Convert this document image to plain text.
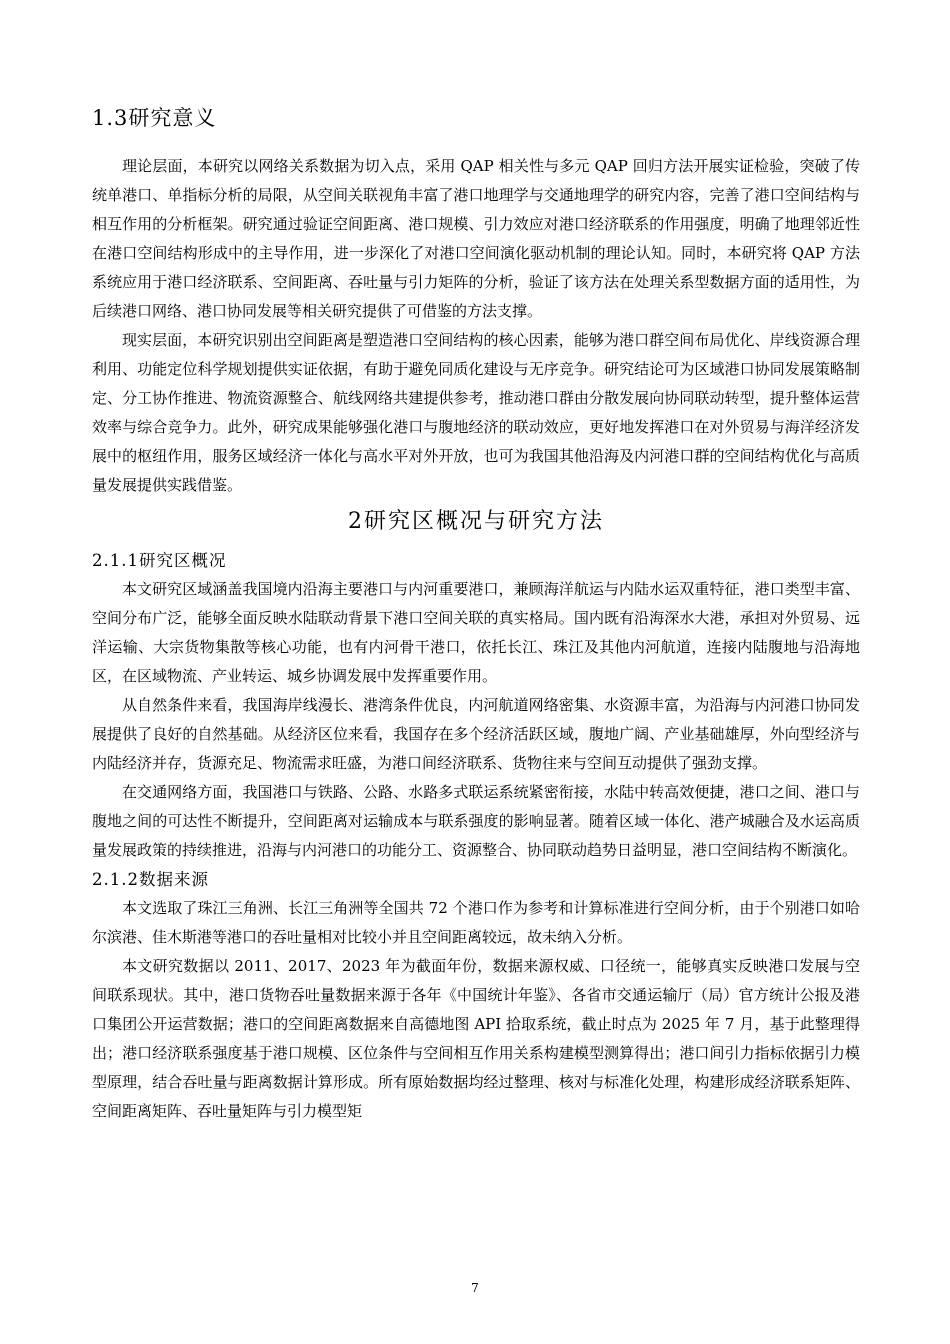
1.3研究意义

理论层面，本研究以网络关系数据为切入点，采用 QAP 相关性与多元 QAP 回归方法开展实证检验，突破了传统单港口、单指标分析的局限，从空间关联视角丰富了港口地理学与交通地理学的研究内容，完善了港口空间结构与相互作用的分析框架。研究通过验证空间距离、港口规模、引力效应对港口经济联系的作用强度，明确了地理邻近性在港口空间结构形成中的主导作用，进一步深化了对港口空间演化驱动机制的理论认知。同时，本研究将 QAP 方法系统应用于港口经济联系、空间距离、吞吐量与引力矩阵的分析，验证了该方法在处理关系型数据方面的适用性，为后续港口网络、港口协同发展等相关研究提供了可借鉴的方法支撑。

现实层面，本研究识别出空间距离是塑造港口空间结构的核心因素，能够为港口群空间布局优化、岸线资源合理利用、功能定位科学规划提供实证依据，有助于避免同质化建设与无序竞争。研究结论可为区域港口协同发展策略制定、分工协作推进、物流资源整合、航线网络共建提供参考，推动港口群由分散发展向协同联动转型，提升整体运营效率与综合竞争力。此外，研究成果能够强化港口与腹地经济的联动效应，更好地发挥港口在对外贸易与海洋经济发展中的枢纽作用，服务区域经济一体化与高水平对外开放，也可为我国其他沿海及内河港口群的空间结构优化与高质量发展提供实践借鉴。

2研究区概况与研究方法
2.1.1研究区概况

本文研究区域涵盖我国境内沿海主要港口与内河重要港口，兼顾海洋航运与内陆水运双重特征，港口类型丰富、空间分布广泛，能够全面反映水陆联动背景下港口空间关联的真实格局。国内既有沿海深水大港，承担对外贸易、远洋运输、大宗货物集散等核心功能，也有内河骨干港口，依托长江、珠江及其他内河航道，连接内陆腹地与沿海地区，在区域物流、产业转运、城乡协调发展中发挥重要作用。

从自然条件来看，我国海岸线漫长、港湾条件优良，内河航道网络密集、水资源丰富，为沿海与内河港口协同发展提供了良好的自然基础。从经济区位来看，我国存在多个经济活跃区域，腹地广阔、产业基础雄厚，外向型经济与内陆经济并存，货源充足、物流需求旺盛，为港口间经济联系、货物往来与空间互动提供了强劲支撑。

在交通网络方面，我国港口与铁路、公路、水路多式联运系统紧密衔接，水陆中转高效便捷，港口之间、港口与腹地之间的可达性不断提升，空间距离对运输成本与联系强度的影响显著。随着区域一体化、港产城融合及水运高质量发展政策的持续推进，沿海与内河港口的功能分工、资源整合、协同联动趋势日益明显，港口空间结构不断演化。

2.1.2数据来源

本文选取了珠江三角洲、长江三角洲等全国共 72 个港口作为参考和计算标准进行空间分析，由于个别港口如哈尔滨港、佳木斯港等港口的吞吐量相对比较小并且空间距离较远，故未纳入分析。

本文研究数据以 2011、2017、2023 年为截面年份，数据来源权威、口径统一，能够真实反映港口发展与空间联系现状。其中，港口货物吞吐量数据来源于各年《中国统计年鉴》、各省市交通运输厅（局）官方统计公报及港口集团公开运营数据；港口的空间距离数据来自高德地图 API 拾取系统，截止时点为 2025 年 7 月，基于此整理得出；港口经济联系强度基于港口规模、区位条件与空间相互作用关系构建模型测算得出；港口间引力指标依据引力模型原理，结合吞吐量与距离数据计算形成。所有原始数据均经过整理、核对与标准化处理，构建形成经济联系矩阵、空间距离矩阵、吞吐量矩阵与引力模型矩

7
